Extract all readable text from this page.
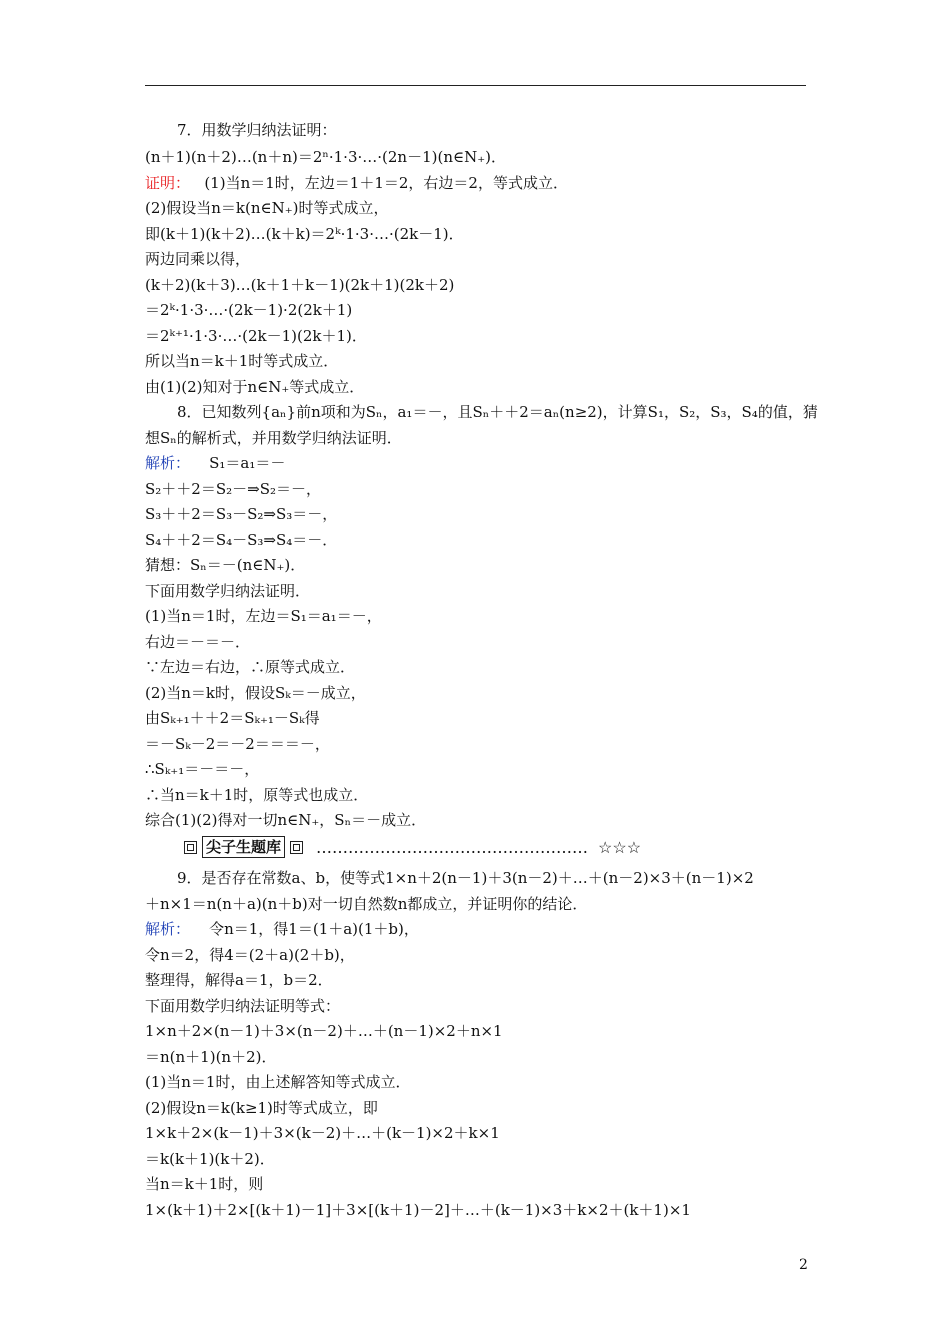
7．用数学归纳法证明：
(n＋1)(n＋2)…(n＋n)＝2ⁿ·1·3·…·(2n－1)(n∈N₊)．
证明： (1)当n＝1时，左边＝1＋1＝2，右边＝2，等式成立．
(2)假设当n＝k(n∈N₊)时等式成立，
即(k＋1)(k＋2)…(k＋k)＝2ᵏ·1·3·…·(2k－1)．
两边同乘以得，
(k＋2)(k＋3)…(k＋1＋k－1)(2k＋1)(2k＋2)
＝2ᵏ·1·3·…·(2k－1)·2(2k＋1)
＝2ᵏ⁺¹·1·3·…·(2k－1)(2k＋1)．
所以当n＝k＋1时等式成立．
由(1)(2)知对于n∈N₊等式成立．
8．已知数列{aₙ}前n项和为Sₙ，a₁＝－，且Sₙ＋＋2＝aₙ(n≥2)，计算S₁，S₂，S₃，S₄的值，猜
想Sₙ的解析式，并用数学归纳法证明．
解析： S₁＝a₁＝－
S₂＋＋2＝S₂－⇒S₂＝－，
S₃＋＋2＝S₃－S₂⇒S₃＝－，
S₄＋＋2＝S₄－S₃⇒S₄＝－．
猜想：Sₙ＝－(n∈N₊)．
下面用数学归纳法证明．
(1)当n＝1时，左边＝S₁＝a₁＝－，
右边＝－＝－．
∵左边＝右边，∴原等式成立．
(2)当n＝k时，假设Sₖ＝－成立，
由Sₖ₊₁＋＋2＝Sₖ₊₁－Sₖ得
＝－Sₖ－2＝－2＝＝＝－，
∴Sₖ₊₁＝－＝－，
∴当n＝k＋1时，原等式也成立．
综合(1)(2)得对一切n∈N₊，Sₙ＝－成立．
9．是否存在常数a、b，使等式1×n＋2(n－1)＋3(n－2)＋…＋(n－2)×3＋(n－1)×2
＋n×1＝n(n＋a)(n＋b)对一切自然数n都成立，并证明你的结论．
解析： 令n＝1，得1＝(1＋a)(1＋b)，
令n＝2，得4＝(2＋a)(2＋b)，
整理得，解得a＝1，b＝2．
下面用数学归纳法证明等式：
1×n＋2×(n－1)＋3×(n－2)＋…＋(n－1)×2＋n×1
＝n(n＋1)(n＋2)．
(1)当n＝1时，由上述解答知等式成立．
(2)假设n＝k(k≥1)时等式成立，即
1×k＋2×(k－1)＋3×(k－2)＋…＋(k－1)×2＋k×1
＝k(k＋1)(k＋2)．
当n＝k＋1时，则
1×(k＋1)＋2×[(k＋1)－1]＋3×[(k＋1)－2]＋…＋(k－1)×3＋k×2＋(k＋1)×1
尖子生题库 …………………………………………… ☆☆☆
2
